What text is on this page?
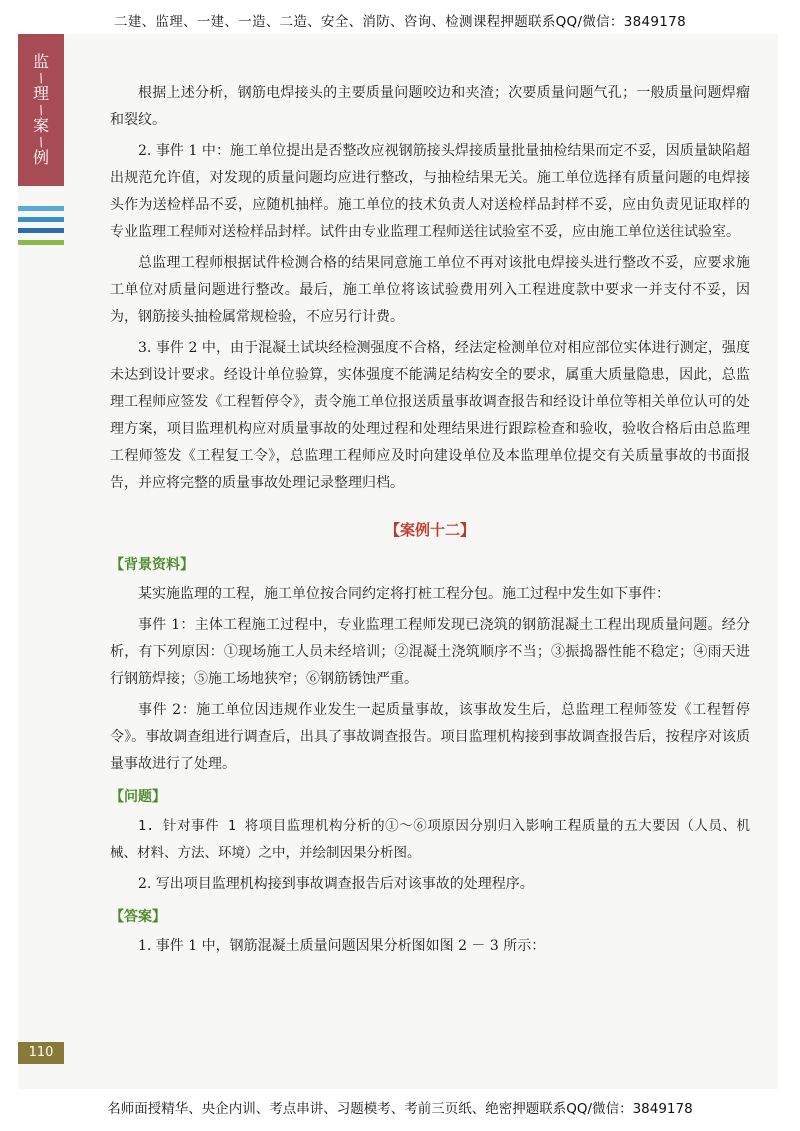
二建、监理、一建、一造、二造、安全、消防、咨询、检测课程押题联系QQ/微信：3849178
监
/
理
/
案
/
例

根据上述分析，钢筋电焊接头的主要质量问题咬边和夹渣；次要质量问题气孔；一般质量问题焊瘤和裂纹。

2. 事件 1 中：施工单位提出是否整改应视钢筋接头焊接质量批量抽检结果而定不妥，因质量缺陷超出规范允许值，对发现的质量问题均应进行整改，与抽检结果无关。施工单位选择有质量问题的电焊接头作为送检样品不妥，应随机抽样。施工单位的技术负责人对送检样品封样不妥，应由负责见证取样的专业监理工程师对送检样品封样。试件由专业监理工程师送往试验室不妥，应由施工单位送往试验室。

总监理工程师根据试件检测合格的结果同意施工单位不再对该批电焊接头进行整改不妥，应要求施工单位对质量问题进行整改。最后，施工单位将该试验费用列入工程进度款中要求一并支付不妥，因为，钢筋接头抽检属常规检验，不应另行计费。

3. 事件 2 中，由于混凝土试块经检测强度不合格，经法定检测单位对相应部位实体进行测定，强度未达到设计要求。经设计单位验算，实体强度不能满足结构安全的要求，属重大质量隐患，因此，总监理工程师应签发《工程暂停令》，责令施工单位报送质量事故调查报告和经设计单位等相关单位认可的处理方案，项目监理机构应对质量事故的处理过程和处理结果进行跟踪检查和验收，验收合格后由总监理工程师签发《工程复工令》，总监理工程师应及时向建设单位及本监理单位提交有关质量事故的书面报告，并应将完整的质量事故处理记录整理归档。

【案例十二】
【背景资料】

某实施监理的工程，施工单位按合同约定将打桩工程分包。施工过程中发生如下事件：

事件 1：主体工程施工过程中，专业监理工程师发现已浇筑的钢筋混凝土工程出现质量问题。经分析，有下列原因：①现场施工人员未经培训；②混凝土浇筑顺序不当；③振捣器性能不稳定；④雨天进行钢筋焊接；⑤施工场地狭窄；⑥钢筋锈蚀严重。

事件 2：施工单位因违规作业发生一起质量事故，该事故发生后，总监理工程师签发《工程暂停令》。事故调查组进行调查后，出具了事故调查报告。项目监理机构接到事故调查报告后，按程序对该质量事故进行了处理。

【问题】

1. 针对事件 1 将项目监理机构分析的①～⑥项原因分别归入影响工程质量的五大要因（人员、机械、材料、方法、环境）之中，并绘制因果分析图。

2. 写出项目监理机构接到事故调查报告后对该事故的处理程序。

【答案】

1. 事件 1 中，钢筋混凝土质量问题因果分析图如图 2 － 3 所示：

110
名师面授精华、央企内训、考点串讲、习题模考、考前三页纸、绝密押题联系QQ/微信：3849178
